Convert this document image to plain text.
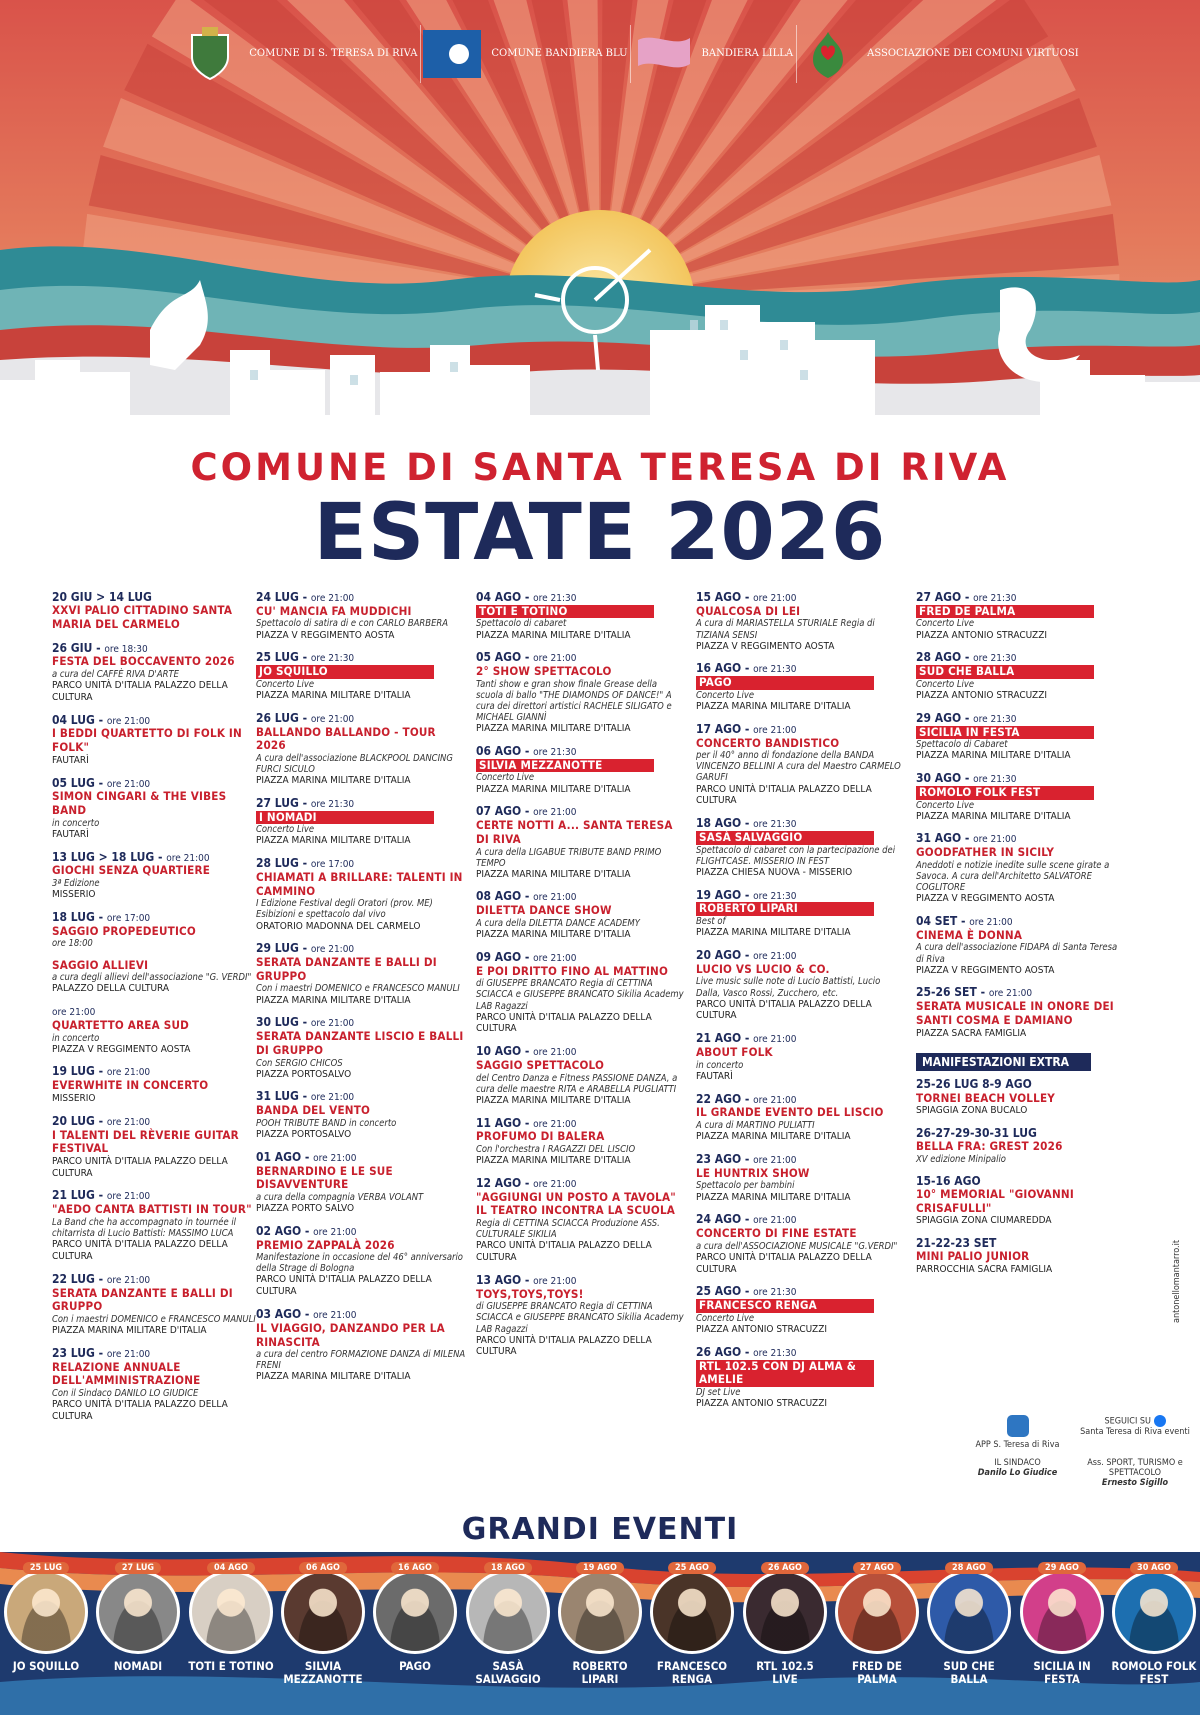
COMUNE DI S. TERESA DI RIVA	COMUNE BANDIERA BLU	BANDIERA LILLA	ASSOCIAZIONE DEI COMUNI VIRTUOSI
COMUNE DI SANTA TERESA DI RIVA
ESTATE 2026
20 GIU > 14 LUG
XXVI PALIO CITTADINO SANTA MARIA DEL CARMELO
26 GIU - ore 18:30
FESTA DEL BOCCAVENTO 2026
a cura del CAFFÈ RIVA D'ARTE
PARCO UNITÀ D'ITALIA PALAZZO DELLA CULTURA
04 LUG - ore 21:00
I BEDDI QUARTETTO DI FOLK IN FOLK"
FAUTARÌ
05 LUG - ore 21:00
SIMON CINGARI & THE VIBES BAND
in concerto
FAUTARÌ
13 LUG > 18 LUG - ore 21:00
GIOCHI SENZA QUARTIERE
3ª Edizione
MISSERIO
18 LUG - ore 17:00
SAGGIO PROPEDEUTICO
ore 18:00
SAGGIO ALLIEVI
a cura degli allievi dell'associazione "G. VERDI"
PALAZZO DELLA CULTURA
ore 21:00
QUARTETTO AREA SUD
in concerto
PIAZZA V REGGIMENTO AOSTA
19 LUG - ore 21:00
EVERWHITE IN CONCERTO
MISSERIO
20 LUG - ore 21:00
I TALENTI DEL RÈVERIE GUITAR FESTIVAL
PARCO UNITÀ D'ITALIA PALAZZO DELLA CULTURA
21 LUG - ore 21:00
"AEDO CANTA BATTISTI IN TOUR"
La Band che ha accompagnato in tournée il chitarrista di Lucio Battisti: MASSIMO LUCA
PARCO UNITÀ D'ITALIA PALAZZO DELLA CULTURA
22 LUG - ore 21:00
SERATA DANZANTE E BALLI DI GRUPPO
Con i maestri DOMENICO e FRANCESCO MANULI
PIAZZA MARINA MILITARE D'ITALIA
23 LUG - ore 21:00
RELAZIONE ANNUALE DELL'AMMINISTRAZIONE
Con il Sindaco DANILO LO GIUDICE
PARCO UNITÀ D'ITALIA PALAZZO DELLA CULTURA
24 LUG - ore 21:00
CU' MANCIA FA MUDDICHI
Spettacolo di satira di e con CARLO BARBERA
PIAZZA V REGGIMENTO AOSTA
25 LUG - ore 21:30
JO SQUILLO
Concerto Live
PIAZZA MARINA MILITARE D'ITALIA
26 LUG - ore 21:00
BALLANDO BALLANDO - TOUR 2026
A cura dell'associazione BLACKPOOL DANCING FURCI SICULO
PIAZZA MARINA MILITARE D'ITALIA
27 LUG - ore 21:30
I NOMADI
Concerto Live
PIAZZA MARINA MILITARE D'ITALIA
28 LUG - ore 17:00
CHIAMATI A BRILLARE: TALENTI IN CAMMINO
I Edizione Festival degli Oratori (prov. ME) Esibizioni e spettacolo dal vivo
ORATORIO MADONNA DEL CARMELO
29 LUG - ore 21:00
SERATA DANZANTE E BALLI DI GRUPPO
Con i maestri DOMENICO e FRANCESCO MANULI
PIAZZA MARINA MILITARE D'ITALIA
30 LUG - ore 21:00
SERATA DANZANTE LISCIO E BALLI DI GRUPPO
Con SERGIO CHICOS
PIAZZA PORTOSALVO
31 LUG - ore 21:00
BANDA DEL VENTO
POOH TRIBUTE BAND in concerto
PIAZZA PORTOSALVO
01 AGO - ore 21:00
BERNARDINO E LE SUE DISAVVENTURE
a cura della compagnia VERBA VOLANT
PIAZZA PORTO SALVO
02 AGO - ore 21:00
PREMIO ZAPPALÀ 2026
Manifestazione in occasione del 46° anniversario della Strage di Bologna
PARCO UNITÀ D'ITALIA PALAZZO DELLA CULTURA
03 AGO - ore 21:00
IL VIAGGIO, DANZANDO PER LA RINASCITA
a cura del centro FORMAZIONE DANZA di MILENA FRENI
PIAZZA MARINA MILITARE D'ITALIA
04 AGO - ore 21:30
TOTI E TOTINO
Spettacolo di cabaret
PIAZZA MARINA MILITARE D'ITALIA
05 AGO - ore 21:00
2° SHOW SPETTACOLO
Tanti show e gran show finale Grease della scuola di ballo "THE DIAMONDS OF DANCE!" A cura dei direttori artistici RACHELE SILIGATO e MICHAEL GIANNÌ
PIAZZA MARINA MILITARE D'ITALIA
06 AGO - ore 21:30
SILVIA MEZZANOTTE
Concerto Live
PIAZZA MARINA MILITARE D'ITALIA
07 AGO - ore 21:00
CERTE NOTTI A... SANTA TERESA DI RIVA
A cura della LIGABUE TRIBUTE BAND PRIMO TEMPO
PIAZZA MARINA MILITARE D'ITALIA
08 AGO - ore 21:00
DILETTA DANCE SHOW
A cura della DILETTA DANCE ACADEMY
PIAZZA MARINA MILITARE D'ITALIA
09 AGO - ore 21:00
E POI DRITTO FINO AL MATTINO
di GIUSEPPE BRANCATO Regia di CETTINA SCIACCA e GIUSEPPE BRANCATO Sikilia Academy LAB Ragazzi
PARCO UNITÀ D'ITALIA PALAZZO DELLA CULTURA
10 AGO - ore 21:00
SAGGIO SPETTACOLO
del Centro Danza e Fitness PASSIONE DANZA, a cura delle maestre RITA e ARABELLA PUGLIATTI
PIAZZA MARINA MILITARE D'ITALIA
11 AGO - ore 21:00
PROFUMO DI BALERA
Con l'orchestra I RAGAZZI DEL LISCIO
PIAZZA MARINA MILITARE D'ITALIA
12 AGO - ore 21:00
"AGGIUNGI UN POSTO A TAVOLA" IL TEATRO INCONTRA LA SCUOLA
Regia di CETTINA SCIACCA Produzione ASS. CULTURALE SIKILIA
PARCO UNITÀ D'ITALIA PALAZZO DELLA CULTURA
13 AGO - ore 21:00
TOYS,TOYS,TOYS!
di GIUSEPPE BRANCATO Regia di CETTINA SCIACCA e GIUSEPPE BRANCATO Sikilia Academy LAB Ragazzi
PARCO UNITÀ D'ITALIA PALAZZO DELLA CULTURA
15 AGO - ore 21:00
QUALCOSA DI LEI
A cura di MARIASTELLA STURIALE Regia di TIZIANA SENSI
PIAZZA V REGGIMENTO AOSTA
16 AGO - ore 21:30
PAGO
Concerto Live
PIAZZA MARINA MILITARE D'ITALIA
17 AGO - ore 21:00
CONCERTO BANDISTICO
per il 40° anno di fondazione della BANDA VINCENZO BELLINI A cura del Maestro CARMELO GARUFI
PARCO UNITÀ D'ITALIA PALAZZO DELLA CULTURA
18 AGO - ore 21:30
SASÀ SALVAGGIO
Spettacolo di cabaret con la partecipazione dei FLIGHTCASE. MISSERIO IN FEST
PIAZZA CHIESA NUOVA - MISSERIO
19 AGO - ore 21:30
ROBERTO LIPARI
Best of
PIAZZA MARINA MILITARE D'ITALIA
20 AGO - ore 21:00
LUCIO VS LUCIO & CO.
Live music sulle note di Lucio Battisti, Lucio Dalla, Vasco Rossi, Zucchero, etc.
PARCO UNITÀ D'ITALIA PALAZZO DELLA CULTURA
21 AGO - ore 21:00
ABOUT FOLK
in concerto
FAUTARÌ
22 AGO - ore 21:00
IL GRANDE EVENTO DEL LISCIO
A cura di MARTINO PULIATTI
PIAZZA MARINA MILITARE D'ITALIA
23 AGO - ore 21:00
LE HUNTRIX SHOW
Spettacolo per bambini
PIAZZA MARINA MILITARE D'ITALIA
24 AGO - ore 21:00
CONCERTO DI FINE ESTATE
a cura dell'ASSOCIAZIONE MUSICALE "G.VERDI"
PARCO UNITÀ D'ITALIA PALAZZO DELLA CULTURA
25 AGO - ore 21:30
FRANCESCO RENGA
Concerto Live
PIAZZA ANTONIO STRACUZZI
26 AGO - ore 21:30
RTL 102.5 CON DJ ALMA & AMELIE
DJ set Live
PIAZZA ANTONIO STRACUZZI
27 AGO - ore 21:30
FRED DE PALMA
Concerto Live
PIAZZA ANTONIO STRACUZZI
28 AGO - ore 21:30
SUD CHE BALLA
Concerto Live
PIAZZA ANTONIO STRACUZZI
29 AGO - ore 21:30
SICILIA IN FESTA
Spettacolo di Cabaret
PIAZZA MARINA MILITARE D'ITALIA
30 AGO - ore 21:30
ROMOLO FOLK FEST
Concerto Live
PIAZZA MARINA MILITARE D'ITALIA
31 AGO - ore 21:00
GOODFATHER IN SICILY
Aneddoti e notizie inedite sulle scene girate a Savoca. A cura dell'Architetto SALVATORE COGLITORE
PIAZZA V REGGIMENTO AOSTA
04 SET - ore 21:00
CINEMA È DONNA
A cura dell'associazione FIDAPA di Santa Teresa di Riva
PIAZZA V REGGIMENTO AOSTA
25-26 SET - ore 21:00
SERATA MUSICALE IN ONORE DEI SANTI COSMA E DAMIANO
PIAZZA SACRA FAMIGLIA
MANIFESTAZIONI EXTRA
25-26 LUG 8-9 AGO
TORNEI BEACH VOLLEY
SPIAGGIA ZONA BUCALO
26-27-29-30-31 LUG
BELLA FRA: GREST 2026
XV edizione Minipalio
15-16 AGO
10° MEMORIAL "GIOVANNI CRISAFULLI"
SPIAGGIA ZONA CIUMAREDDA
21-22-23 SET
MINI PALIO JUNIOR
PARROCCHIA SACRA FAMIGLIA
APP S. Teresa di Riva
SEGUICI SU
Santa Teresa di Riva eventi
IL SINDACO
Danilo Lo Giudice
Ass. SPORT, TURISMO e SPETTACOLO
Ernesto Sigillo
antonellomantarro.it
GRANDI EVENTI
25 LUG
JO SQUILLO
27 LUG
NOMADI
04 AGO
TOTI E TOTINO
06 AGO
SILVIA MEZZANOTTE
16 AGO
PAGO
18 AGO
SASÀ SALVAGGIO
19 AGO
ROBERTO LIPARI
25 AGO
FRANCESCO RENGA
26 AGO
RTL 102.5 LIVE
27 AGO
FRED DE PALMA
28 AGO
SUD CHE BALLA
29 AGO
SICILIA IN FESTA
30 AGO
ROMOLO FOLK FEST
